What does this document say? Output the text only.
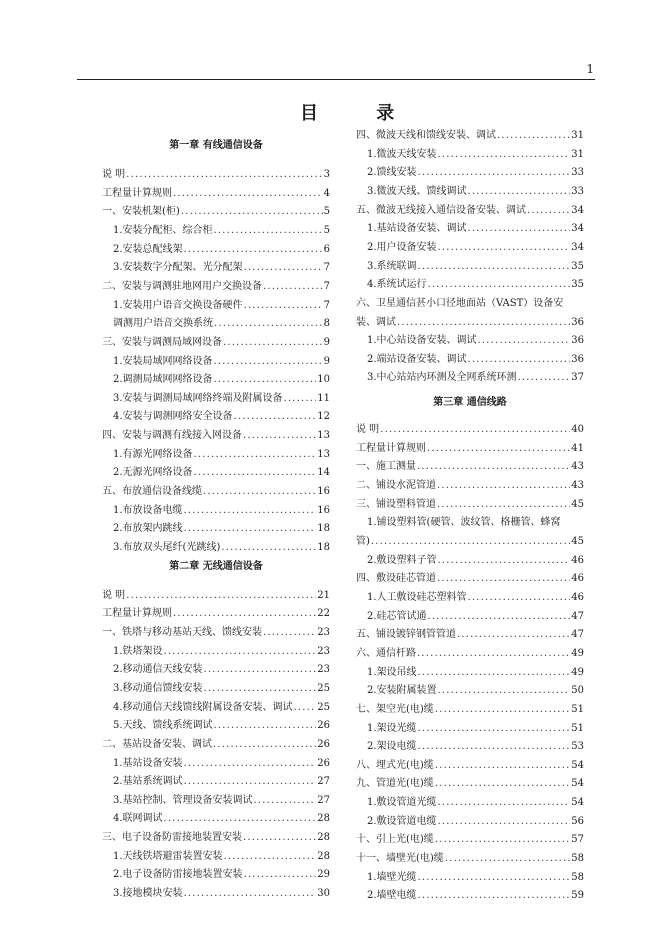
1
目 录
第一章 有线通信设备
说 明 .....	3
工程量计算规则 .....	4
一、安装机架(柜) .....	5
1.安装分配柜、综合柜 .....	5
2.安装总配线架 .....	6
3.安装数字分配架、光分配架 .....	7
二、安装与调测驻地网用户交换设备 .....	7
1.安装用户语音交换设备硬件 .....	7
调测用户语音交换系统 .....	8
三、安装与调测局域网设备 .....	9
1.安装局域网网络设备 .....	9
2.调测局域网网络设备 .....	10
3.安装与调测局域网络终端及附属设备 .....	11
4.安装与调测网络安全设备 .....	12
四、安装与调测有线接入网设备 .....	13
1.有源光网络设备 .....	13
2.无源光网络设备 .....	14
五、布放通信设备线缆 .....	16
1.布放设备电缆 .....	16
2.布放架内跳线 .....	18
3.布放双头尾纤(光跳线) .....	18
第二章 无线通信设备
说 明 .....	21
工程量计算规则 .....	22
一、铁塔与移动基站天线、馈线安装 .....	23
1.铁塔架设 .....	23
2.移动通信天线安装 .....	23
3.移动通信馈线安装 .....	25
4.移动通信天线馈线附属设备安装、调试 ..... 25
5.天线、馈线系统调试 .....	26
二、基站设备安装、调试 .....	26
1.基站设备安装 .....	26
2.基站系统调试 .....	27
3.基站控制、管理设备安装调试 .....	27
4.联网调试 .....	28
三、电子设备防雷接地装置安装 .....	28
1.天线铁塔避雷装置安装 .....	28
2.电子设备防雷接地装置安装 .....	29
3.接地模块安装 .....	30
四、微波天线和馈线安装、调试 .....	31
1.微波天线安装 .....	31
2.馈线安装 .....	33
3.微波天线、馈线调试 .....	33
五、微波无线接入通信设备安装、调试 .....	34
1.基站设备安装、调试 .....	34
2.用户设备安装 .....	34
3.系统联调 .....	35
4.系统试运行 .....	35
六、卫星通信甚小口径地面站（VAST）设备安
装、调试 .....	36
1.中心站设备安装、调试 .....	36
2.端站设备安装、调试 .....	36
3.中心站站内环测及全网系统环测 .....	37
第三章 通信线路
说 明 .....	40
工程量计算规则 .....	41
一、施工测量 .....	43
二、铺设水泥管道 .....	43
三、铺设塑料管道 .....	45
1.铺设塑料管(硬管、波纹管、格栅管、蜂窝
管) .....	45
2.敷设塑料子管 .....	46
四、敷设硅芯管道 .....	46
1.人工敷设硅芯塑料管 .....	46
2.硅芯管试通 .....	47
五、铺设镀锌钢管管道 .....	47
六、通信杆路 .....	49
1.架设吊线 .....	49
2.安装附属装置 .....	50
七、架空光(电)缆 .....	51
1.架设光缆 .....	51
2.架设电缆 .....	53
八、埋式光(电)缆 .....	54
九、管道光(电)缆 .....	54
1.敷设管道光缆 .....	54
2.敷设管道电缆 .....	56
十、引上光(电)缆 .....	57
十一、墙壁光(电)缆 .....	58
1.墙壁光缆 .....	58
2.墙壁电缆 .....	59
